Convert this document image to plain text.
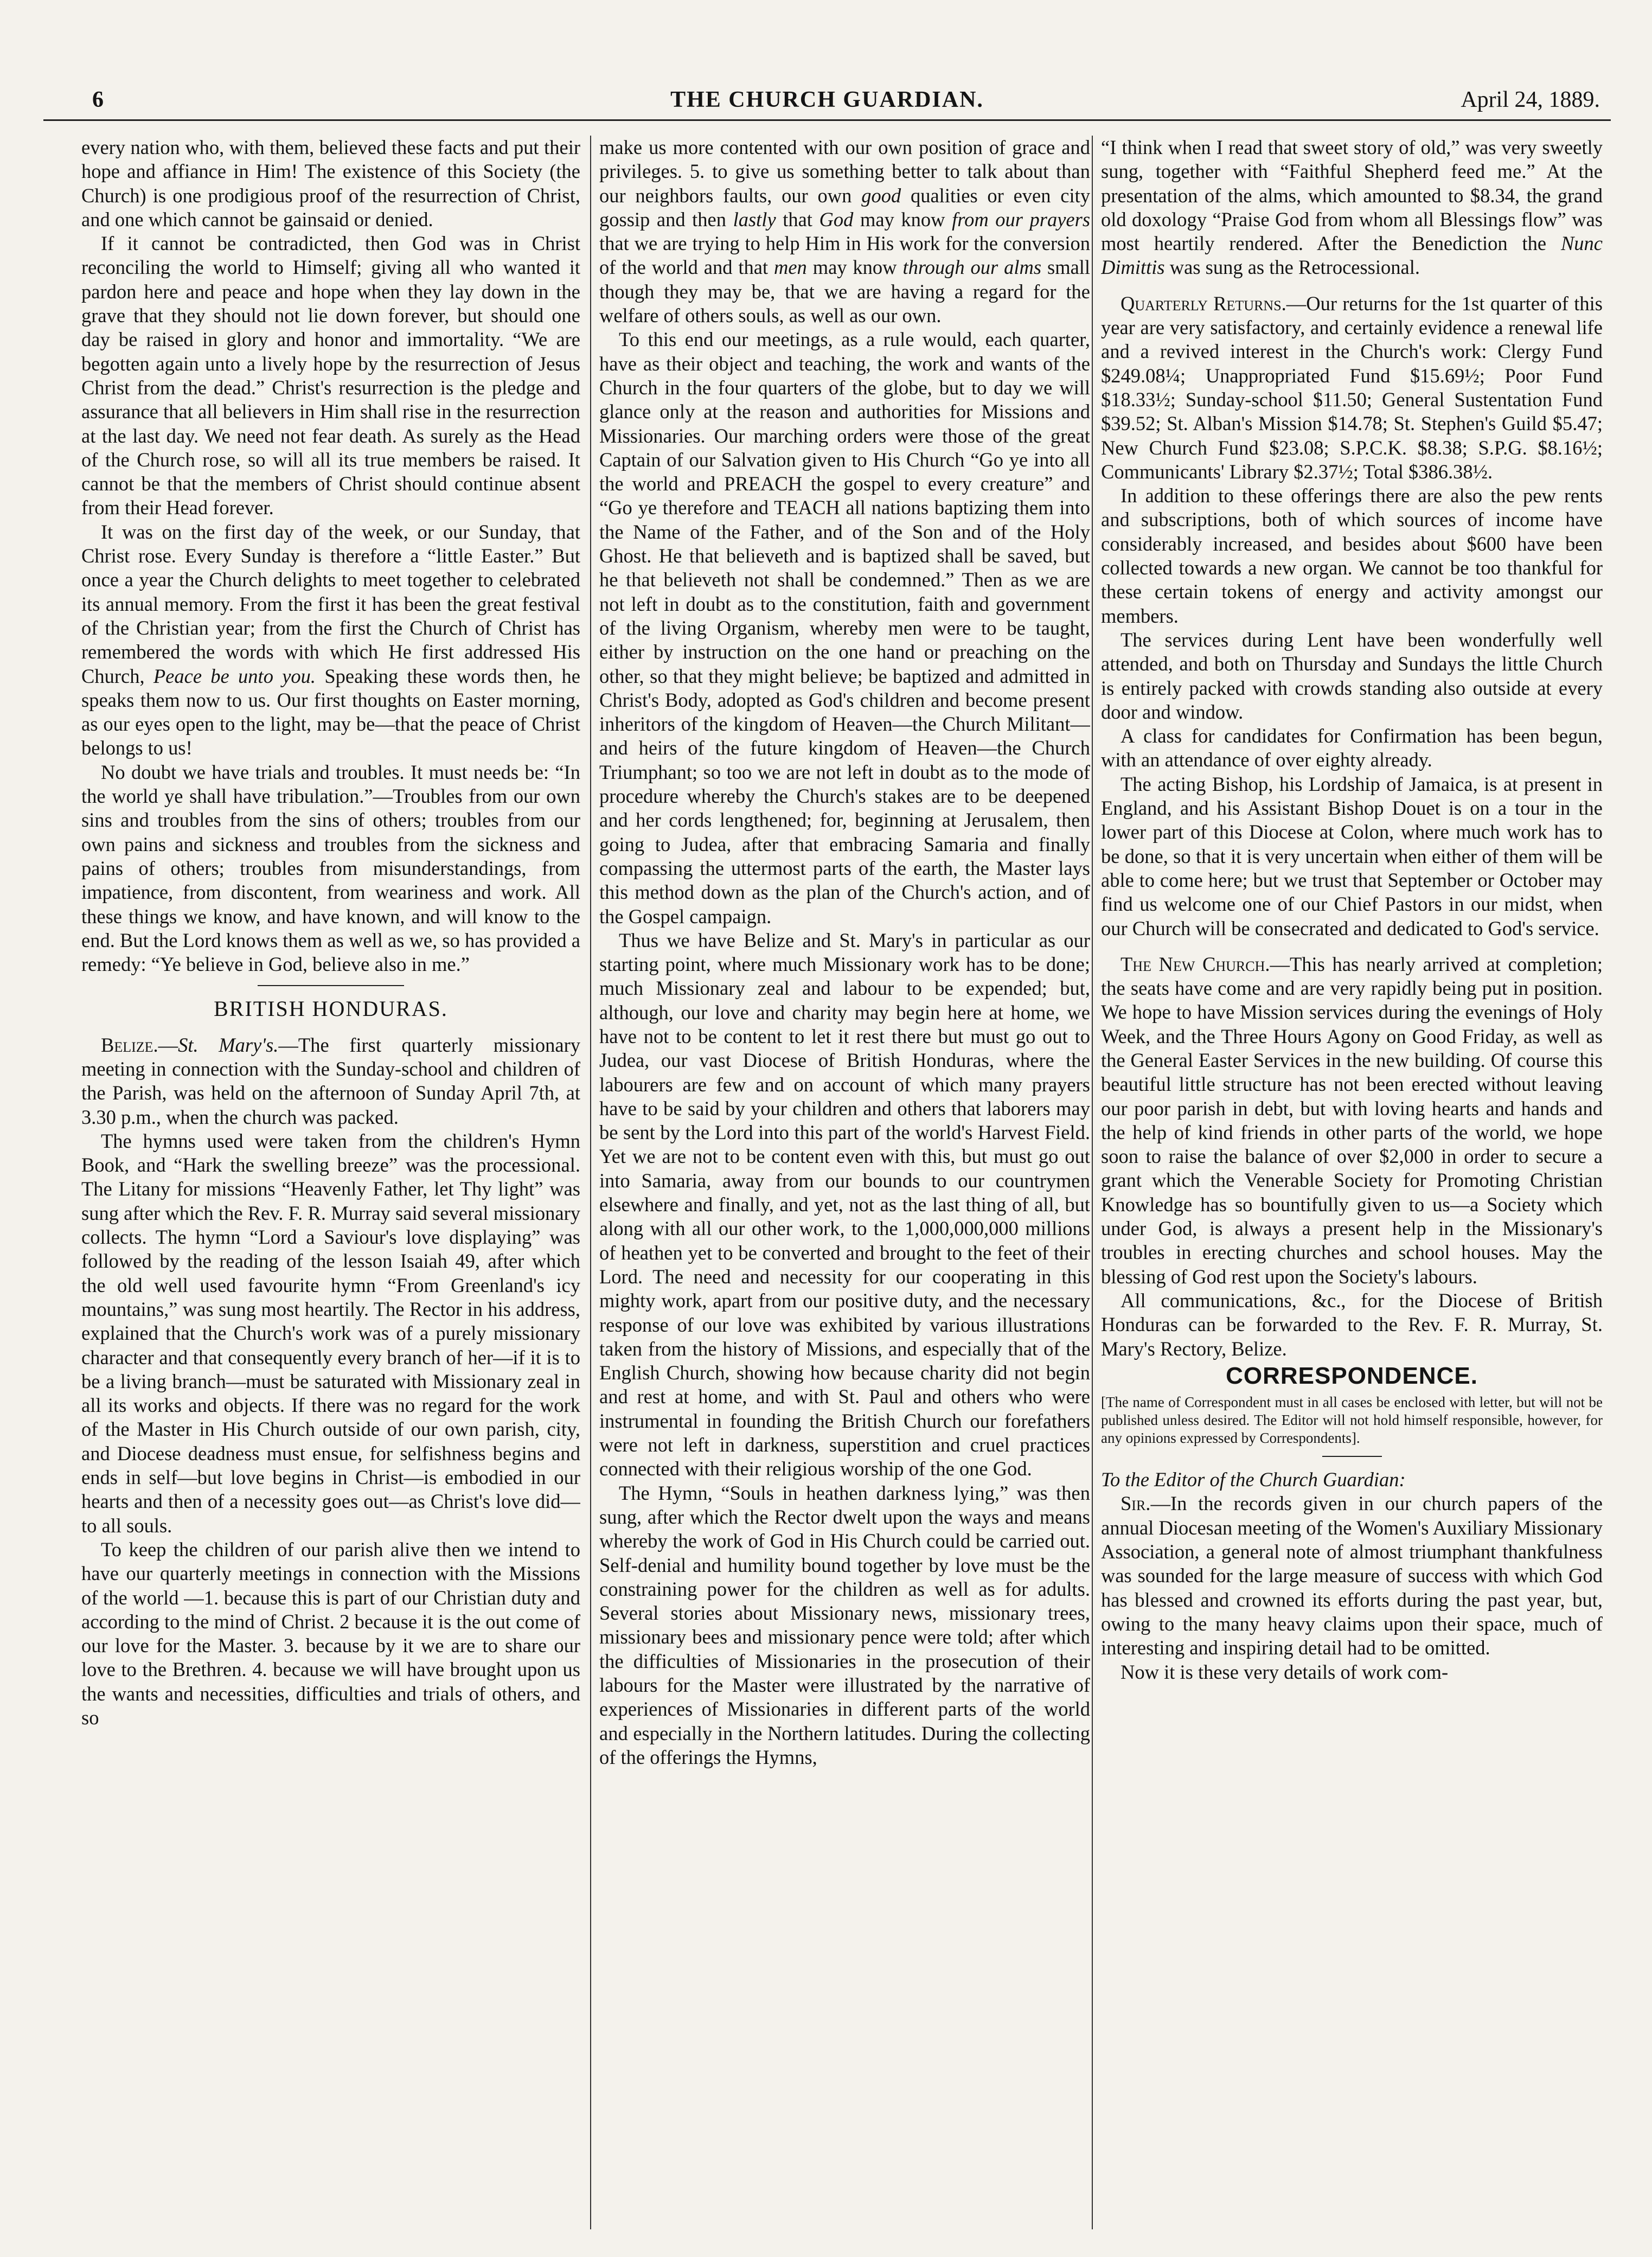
6	THE CHURCH GUARDIAN.	April 24, 1889.

every nation who, with them, believed these facts and put their hope and affiance in Him! The existence of this Society (the Church) is one prodigious proof of the resurrection of Christ, and one which cannot be gainsaid or denied.

If it cannot be contradicted, then God was in Christ reconciling the world to Himself; giving all who wanted it pardon here and peace and hope when they lay down in the grave that they should not lie down forever, but should one day be raised in glory and honor and immortality. “We are begotten again unto a lively hope by the resurrection of Jesus Christ from the dead.” Christ's resurrection is the pledge and assurance that all believers in Him shall rise in the resurrection at the last day. We need not fear death. As surely as the Head of the Church rose, so will all its true members be raised. It cannot be that the members of Christ should continue absent from their Head forever.

It was on the first day of the week, or our Sunday, that Christ rose. Every Sunday is therefore a “little Easter.” But once a year the Church delights to meet together to celebrated its annual memory. From the first it has been the great festival of the Christian year; from the first the Church of Christ has remembered the words with which He first addressed His Church, Peace be unto you. Speaking these words then, he speaks them now to us. Our first thoughts on Easter morning, as our eyes open to the light, may be—that the peace of Christ belongs to us!

No doubt we have trials and troubles. It must needs be: “In the world ye shall have tribulation.”—Troubles from our own sins and troubles from the sins of others; troubles from our own pains and sickness and troubles from the sickness and pains of others; troubles from misunderstandings, from impatience, from discontent, from weariness and work. All these things we know, and have known, and will know to the end. But the Lord knows them as well as we, so has provided a remedy: “Ye believe in God, believe also in me.”

BRITISH HONDURAS.

Belize.—St. Mary's.—The first quarterly missionary meeting in connection with the Sunday-school and children of the Parish, was held on the afternoon of Sunday April 7th, at 3.30 p.m., when the church was packed.

The hymns used were taken from the children's Hymn Book, and “Hark the swelling breeze” was the processional. The Litany for missions “Heavenly Father, let Thy light” was sung after which the Rev. F. R. Murray said several missionary collects. The hymn “Lord a Saviour's love displaying” was followed by the reading of the lesson Isaiah 49, after which the old well used favourite hymn “From Greenland's icy mountains,” was sung most heartily. The Rector in his address, explained that the Church's work was of a purely missionary character and that consequently every branch of her—if it is to be a living branch—must be saturated with Missionary zeal in all its works and objects. If there was no regard for the work of the Master in His Church outside of our own parish, city, and Diocese deadness must ensue, for selfishness begins and ends in self—but love begins in Christ—is embodied in our hearts and then of a necessity goes out—as Christ's love did—to all souls.

To keep the children of our parish alive then we intend to have our quarterly meetings in connection with the Missions of the world —1. because this is part of our Christian duty and according to the mind of Christ. 2 because it is the out come of our love for the Master. 3. because by it we are to share our love to the Brethren. 4. because we will have brought upon us the wants and necessities, difficulties and trials of others, and so

make us more contented with our own position of grace and privileges. 5. to give us something better to talk about than our neighbors faults, our own good qualities or even city gossip and then lastly that God may know from our prayers that we are trying to help Him in His work for the conversion of the world and that men may know through our alms small though they may be, that we are having a regard for the welfare of others souls, as well as our own.

To this end our meetings, as a rule would, each quarter, have as their object and teaching, the work and wants of the Church in the four quarters of the globe, but to day we will glance only at the reason and authorities for Missions and Missionaries. Our marching orders were those of the great Captain of our Salvation given to His Church “Go ye into all the world and PREACH the gospel to every creature” and “Go ye therefore and TEACH all nations baptizing them into the Name of the Father, and of the Son and of the Holy Ghost. He that believeth and is baptized shall be saved, but he that believeth not shall be condemned.” Then as we are not left in doubt as to the constitution, faith and government of the living Organism, whereby men were to be taught, either by instruction on the one hand or preaching on the other, so that they might believe; be baptized and admitted in Christ's Body, adopted as God's children and become present inheritors of the kingdom of Heaven—the Church Militant—and heirs of the future kingdom of Heaven—the Church Triumphant; so too we are not left in doubt as to the mode of procedure whereby the Church's stakes are to be deepened and her cords lengthened; for, beginning at Jerusalem, then going to Judea, after that embracing Samaria and finally compassing the uttermost parts of the earth, the Master lays this method down as the plan of the Church's action, and of the Gospel campaign.

Thus we have Belize and St. Mary's in particular as our starting point, where much Missionary work has to be done; much Missionary zeal and labour to be expended; but, although, our love and charity may begin here at home, we have not to be content to let it rest there but must go out to Judea, our vast Diocese of British Honduras, where the labourers are few and on account of which many prayers have to be said by your children and others that laborers may be sent by the Lord into this part of the world's Harvest Field. Yet we are not to be content even with this, but must go out into Samaria, away from our bounds to our countrymen elsewhere and finally, and yet, not as the last thing of all, but along with all our other work, to the 1,000,000,000 millions of heathen yet to be converted and brought to the feet of their Lord. The need and necessity for our cooperating in this mighty work, apart from our positive duty, and the necessary response of our love was exhibited by various illustrations taken from the history of Missions, and especially that of the English Church, showing how because charity did not begin and rest at home, and with St. Paul and others who were instrumental in founding the British Church our forefathers were not left in darkness, superstition and cruel practices connected with their religious worship of the one God.

The Hymn, “Souls in heathen darkness lying,” was then sung, after which the Rector dwelt upon the ways and means whereby the work of God in His Church could be carried out. Self-denial and humility bound together by love must be the constraining power for the children as well as for adults. Several stories about Missionary news, missionary trees, missionary bees and missionary pence were told; after which the difficulties of Missionaries in the prosecution of their labours for the Master were illustrated by the narrative of experiences of Missionaries in different parts of the world and especially in the Northern latitudes. During the collecting of the offerings the Hymns,

“I think when I read that sweet story of old,” was very sweetly sung, together with “Faithful Shepherd feed me.” At the presentation of the alms, which amounted to $8.34, the grand old doxology “Praise God from whom all Blessings flow” was most heartily rendered. After the Benediction the Nunc Dimittis was sung as the Retrocessional.

Quarterly Returns.—Our returns for the 1st quarter of this year are very satisfactory, and certainly evidence a renewal life and a revived interest in the Church's work: Clergy Fund $249.08¼; Unappropriated Fund $15.69½; Poor Fund $18.33½; Sunday-school $11.50; General Sustentation Fund $39.52; St. Alban's Mission $14.78; St. Stephen's Guild $5.47; New Church Fund $23.08; S.P.C.K. $8.38; S.P.G. $8.16½; Communicants' Library $2.37½; Total $386.38½.

In addition to these offerings there are also the pew rents and subscriptions, both of which sources of income have considerably increased, and besides about $600 have been collected towards a new organ. We cannot be too thankful for these certain tokens of energy and activity amongst our members.

The services during Lent have been wonderfully well attended, and both on Thursday and Sundays the little Church is entirely packed with crowds standing also outside at every door and window.

A class for candidates for Confirmation has been begun, with an attendance of over eighty already.

The acting Bishop, his Lordship of Jamaica, is at present in England, and his Assistant Bishop Douet is on a tour in the lower part of this Diocese at Colon, where much work has to be done, so that it is very uncertain when either of them will be able to come here; but we trust that September or October may find us welcome one of our Chief Pastors in our midst, when our Church will be consecrated and dedicated to God's service.

The New Church.—This has nearly arrived at completion; the seats have come and are very rapidly being put in position. We hope to have Mission services during the evenings of Holy Week, and the Three Hours Agony on Good Friday, as well as the General Easter Services in the new building. Of course this beautiful little structure has not been erected without leaving our poor parish in debt, but with loving hearts and hands and the help of kind friends in other parts of the world, we hope soon to raise the balance of over $2,000 in order to secure a grant which the Venerable Society for Promoting Christian Knowledge has so bountifully given to us—a Society which under God, is always a present help in the Missionary's troubles in erecting churches and school houses. May the blessing of God rest upon the Society's labours.

All communications, &c., for the Diocese of British Honduras can be forwarded to the Rev. F. R. Murray, St. Mary's Rectory, Belize.

CORRESPONDENCE.

[The name of Correspondent must in all cases be enclosed with letter, but will not be published unless desired. The Editor will not hold himself responsible, however, for any opinions expressed by Correspondents].

To the Editor of the Church Guardian:

Sir.—In the records given in our church papers of the annual Diocesan meeting of the Women's Auxiliary Missionary Association, a general note of almost triumphant thankfulness was sounded for the large measure of success with which God has blessed and crowned its efforts during the past year, but, owing to the many heavy claims upon their space, much of interesting and inspiring detail had to be omitted.

Now it is these very details of work com-
